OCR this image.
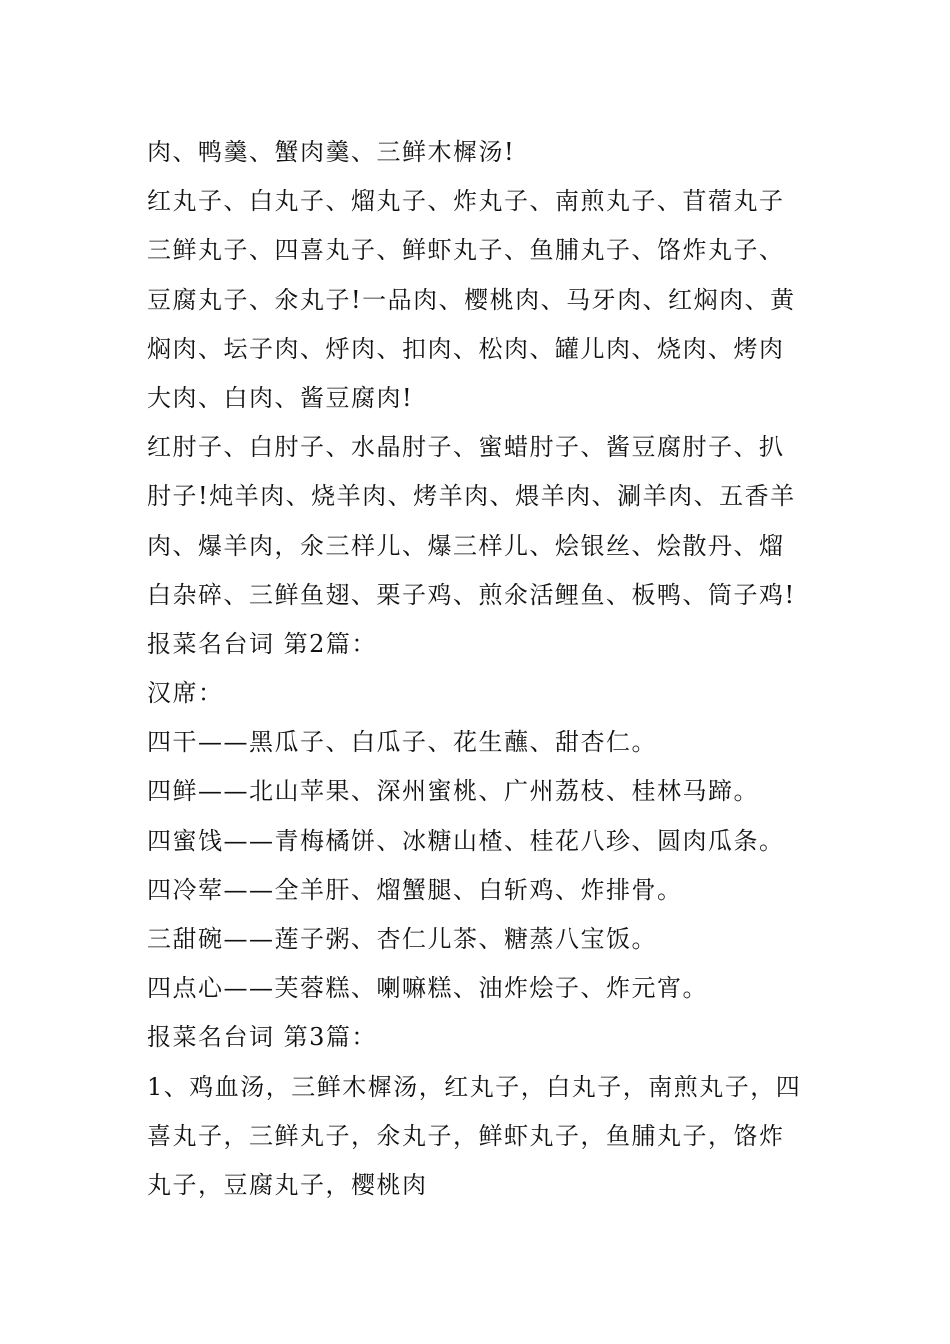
肉、鸭羹、蟹肉羹、三鲜木樨汤!
红丸子、白丸子、熘丸子、炸丸子、南煎丸子、苜蓿丸子
三鲜丸子、四喜丸子、鲜虾丸子、鱼脯丸子、饹炸丸子、
豆腐丸子、氽丸子!一品肉、樱桃肉、马牙肉、红焖肉、黄
焖肉、坛子肉、烀肉、扣肉、松肉、罐儿肉、烧肉、烤肉
大肉、白肉、酱豆腐肉!
红肘子、白肘子、水晶肘子、蜜蜡肘子、酱豆腐肘子、扒
肘子!炖羊肉、烧羊肉、烤羊肉、煨羊肉、涮羊肉、五香羊
肉、爆羊肉，氽三样儿、爆三样儿、烩银丝、烩散丹、熘
白杂碎、三鲜鱼翅、栗子鸡、煎氽活鲤鱼、板鸭、筒子鸡!
报菜名台词 第2篇：
汉席：
四干——黑瓜子、白瓜子、花生蘸、甜杏仁。
四鲜——北山苹果、深州蜜桃、广州荔枝、桂林马蹄。
四蜜饯——青梅橘饼、冰糖山楂、桂花八珍、圆肉瓜条。
四冷荤——全羊肝、熘蟹腿、白斩鸡、炸排骨。
三甜碗——莲子粥、杏仁儿茶、糖蒸八宝饭。
四点心——芙蓉糕、喇嘛糕、油炸烩子、炸元宵。
报菜名台词 第3篇：
1、鸡血汤，三鲜木樨汤，红丸子，白丸子，南煎丸子，四
喜丸子，三鲜丸子，氽丸子，鲜虾丸子，鱼脯丸子，饹炸
丸子，豆腐丸子，樱桃肉
